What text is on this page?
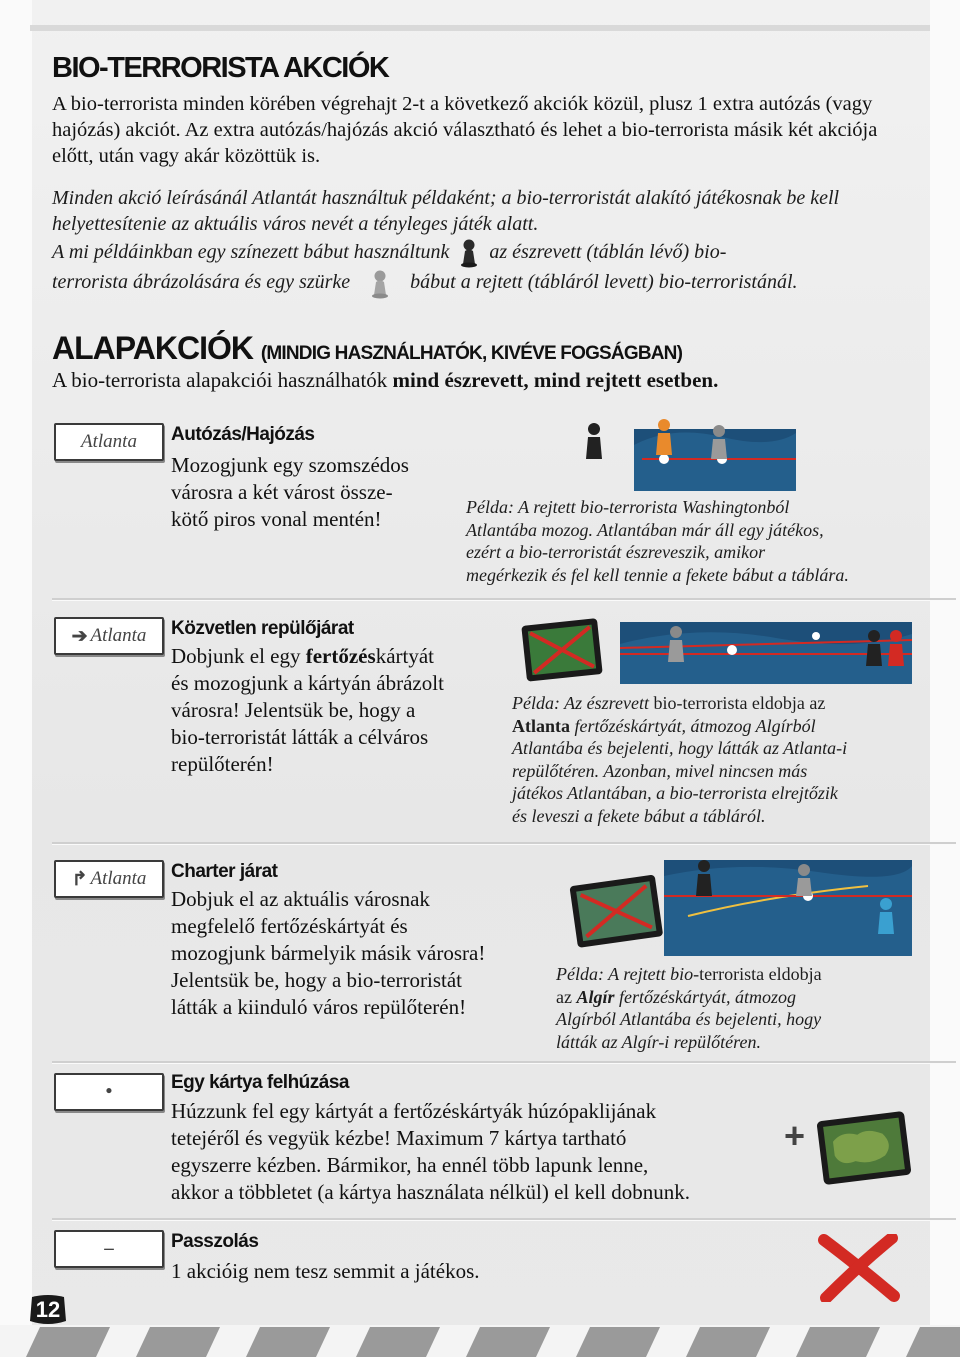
BIO-TERRORISTA AKCIÓK

A bio-terrorista minden körében végrehajt 2-t a következő akciók közül, plusz 1 extra autózás (vagy hajózás) akciót. Az extra autózás/hajózás akció választható és lehet a bio-terrorista másik két akciója előtt, után vagy akár közöttük is.

Minden akció leírásánál Atlantát használtuk példaként; a bio-terroristát alakító játékosnak be kell helyettesítenie az aktuális város nevét a tényleges játék alatt.

A mi példáinkban egy színezett bábut használtunk az észrevett (táblán lévő) bio-
terrorista ábrázolására és egy szürke	bábut a rejtett (tábláról levett) bio-terroristánál.

ALAPAKCIÓK (MINDIG HASZNÁLHATÓK, KIVÉVE FOGSÁGBAN)

A bio-terrorista alapakciói használhatók mind észrevett, mind rejtett esetben.

Atlanta Autózás/Hajózás
Mozogjunk egy szomszédos
városra a két várost össze-
kötő piros vonal mentén!	Példa: A rejtett bio-terrorista Washingtonból
Atlantába mozog. Atlantában már áll egy játékos,
ezért a bio-terroristát észreveszik, amikor
megérkezik és fel kell tennie a fekete bábut a táblára.
➔ Atlanta Közvetlen repülőjárat
Dobjunk el egy fertőzéskártyát
és mozogjunk a kártyán ábrázolt
városra! Jelentsük be, hogy a
bio-terroristát látták a célváros
repülőterén!
Példa: Az észrevett bio-terrorista eldobja az
Atlanta fertőzéskártyát, átmozog Algírból
Atlantába és bejelenti, hogy látták az Atlanta-i
repülőtéren. Azonban, mivel nincsen más
játékos Atlantában, a bio-terrorista elrejtőzik
és leveszi a fekete bábut a tábláról.
↱ Atlanta Charter járat
Dobjuk el az aktuális városnak
megfelelő fertőzéskártyát és
mozogjunk bármelyik másik városra!
Jelentsük be, hogy a bio-terroristát
látták a kiinduló város repülőterén!
Példa: A rejtett bio-terrorista eldobja
az Algír fertőzéskártyát, átmozog
Algírból Atlantába és bejelenti, hogy
látták az Algír-i repülőtéren.
•	Egy kártya felhúzása
Húzzunk fel egy kártyát a fertőzéskártyák húzópaklijának
tetejéről és vegyük kézbe! Maximum 7 kártya tartható
egyszerre kézben. Bármikor, ha ennél több lapunk lenne,
akkor a többletet (a kártya használata nélkül) el kell dobnunk.
+
–	Passzolás
1 akcióig nem tesz semmit a játékos.
12
